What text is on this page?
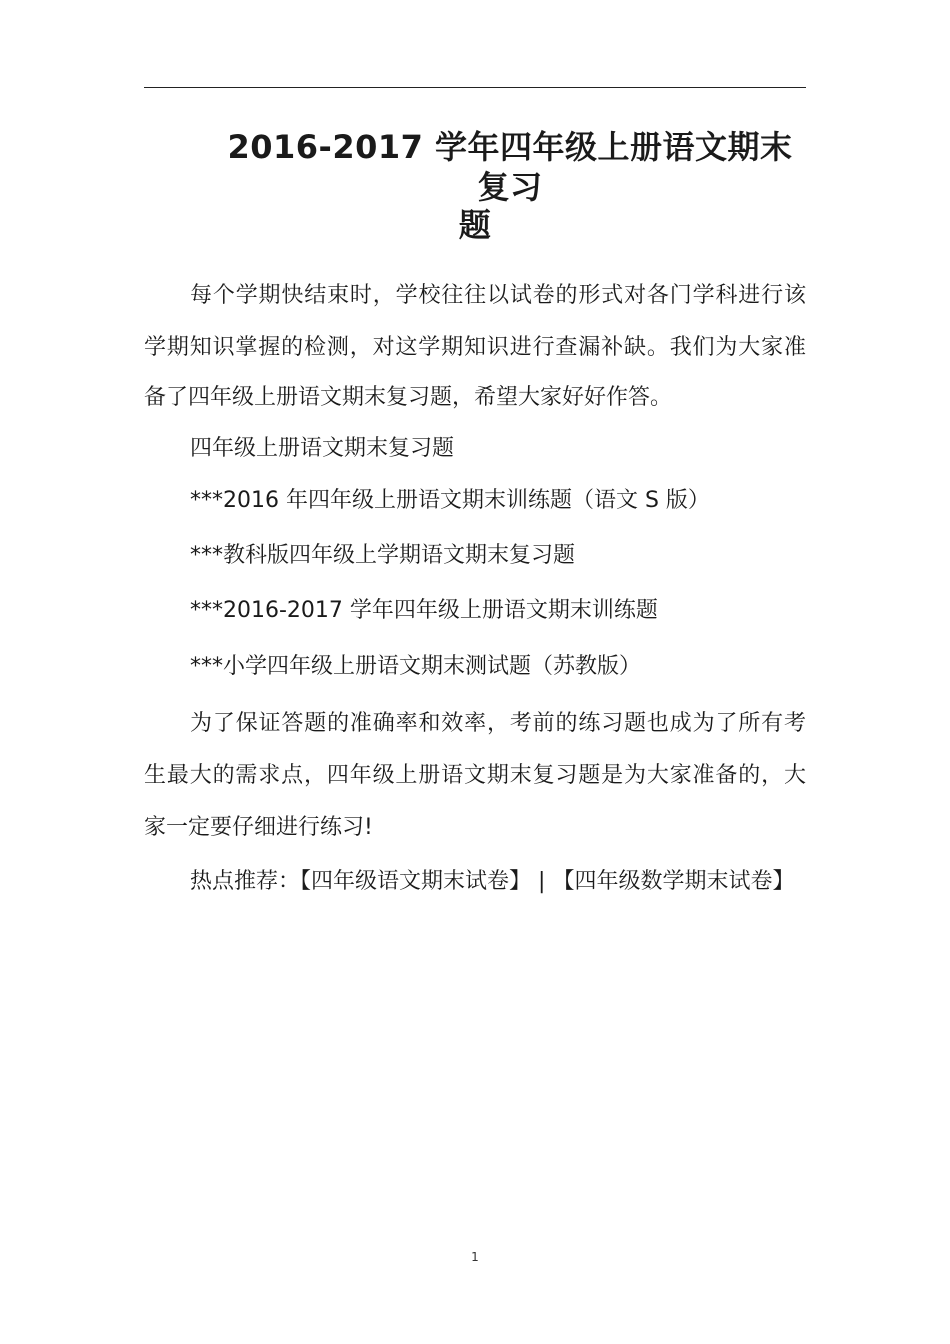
2016-2017 学年四年级上册语文期末复习
题
每个学期快结束时，学校往往以试卷的形式对各门学科进行该
学期知识掌握的检测，对这学期知识进行查漏补缺。我们为大家准
备了四年级上册语文期末复习题，希望大家好好作答。
四年级上册语文期末复习题
***2016 年四年级上册语文期末训练题（语文 S 版）
***教科版四年级上学期语文期末复习题
***2016-2017 学年四年级上册语文期末训练题
***小学四年级上册语文期末测试题（苏教版）
为了保证答题的准确率和效率，考前的练习题也成为了所有考
生最大的需求点，四年级上册语文期末复习题是为大家准备的，大
家一定要仔细进行练习!
热点推荐：【四年级语文期末试卷】 | 【四年级数学期末试卷】
1
